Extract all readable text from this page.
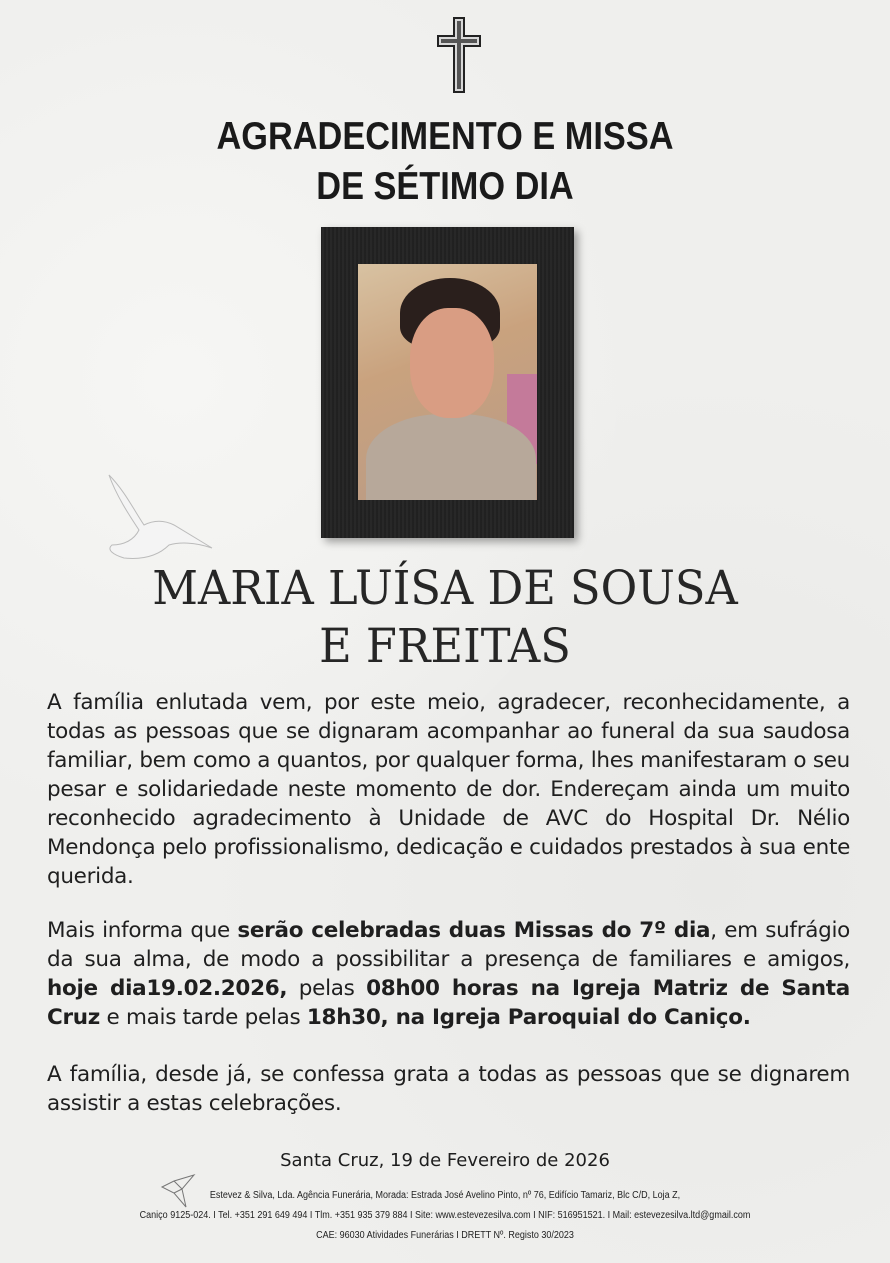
AGRADECIMENTO E MISSA
DE SÉTIMO DIA
MARIA LUÍSA DE SOUSA
E FREITAS
A família enlutada vem, por este meio, agradecer, reconhecidamente, a todas as pessoas que se dignaram acompanhar ao funeral da sua saudosa familiar, bem como a quantos, por qualquer forma, lhes manifestaram o seu pesar e solidariedade neste momento de dor. Endereçam ainda um muito reconhecido agradecimento à Unidade de AVC do Hospital Dr. Nélio Mendonça pelo profissionalismo, dedicação e cuidados prestados à sua ente querida.
Mais informa que serão celebradas duas Missas do 7º dia, em sufrágio da sua alma, de modo a possibilitar a presença de familiares e amigos, hoje dia19.02.2026, pelas 08h00 horas na Igreja Matriz de Santa Cruz e mais tarde pelas 18h30, na Igreja Paroquial do Caniço.
A família, desde já, se confessa grata a todas as pessoas que se dignarem assistir a estas celebrações.
Santa Cruz, 19 de Fevereiro de 2026
Estevez & Silva, Lda. Agência Funerária, Morada: Estrada José Avelino Pinto, nº 76, Edifício Tamariz, Blc C/D, Loja Z,
Caniço 9125-024. I Tel. +351 291 649 494 I Tlm. +351 935 379 884 I Site: www.estevezesilva.com I NIF: 516951521. I Mail: estevezesilva.ltd@gmail.com
CAE: 96030 Atividades Funerárias I DRETT Nº. Registo 30/2023
